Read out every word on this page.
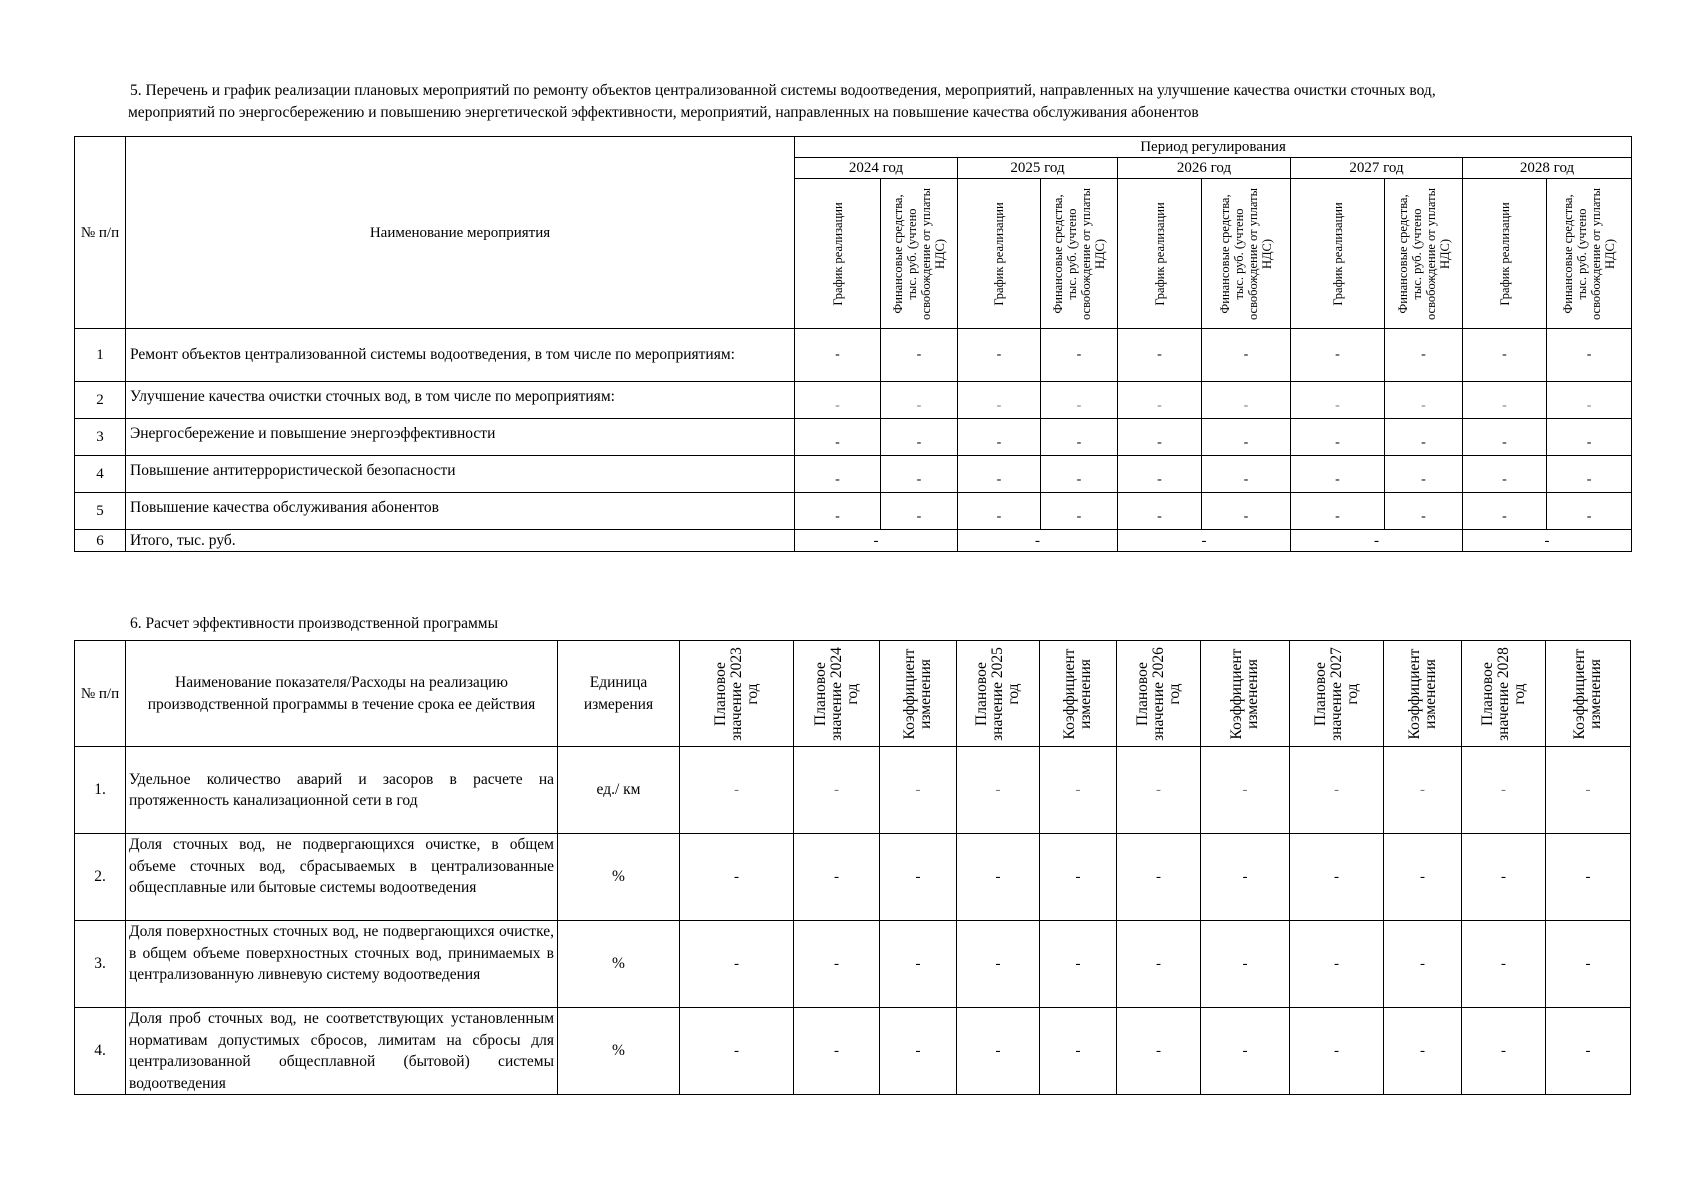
5. Перечень и график реализации плановых мероприятий по ремонту объектов централизованной системы водоотведения, мероприятий, направленных на улучшение качества очистки сточных вод,
мероприятий по энергосбережению и повышению энергетической эффективности, мероприятий, направленных на повышение качества обслуживания абонентов
№ п/п	Наименование мероприятия	Период регулирования									
		2024 год		2025 год		2026 год		2027 год		2028 год	

		График реализации	Финансовые средства, тыс. руб. (учтено освобождение от уплаты НДС)	График реализации	Финансовые средства, тыс. руб. (учтено освобождение от уплаты НДС)	График реализации	Финансовые средства, тыс. руб. (учтено освобождение от уплаты НДС)	График реализации	Финансовые средства, тыс. руб. (учтено освобождение от уплаты НДС)	График реализации	Финансовые средства, тыс. руб. (учтено освобождение от уплаты НДС)

1	Ремонт объектов централизованной системы водоотведения, в том числе по мероприятиям:	-	-	-	-	-	-	-	-	-	-
2	Улучшение качества очистки сточных вод, в том числе по мероприятиям:	-	-	-	-	-	-	-	-	-	-
3	Энергосбережение и повышение энергоэффективности	-	-	-	-	-	-	-	-	-	-
4	Повышение антитеррористической безопасности	-	-	-	-	-	-	-	-	-	-
5	Повышение качества обслуживания абонентов	-	-	-	-	-	-	-	-	-	-
6	Итого, тыс. руб.	-		-		-		-		-	
6. Расчет эффективности производственной программы
№ п/п	Наименование показателя/Расходы на реализацию производственной программы в течение срока ее действия	Единица измерения	Плановое значение 2023 год	Плановое значение 2024 год	Коэффициент изменения	Плановое значение 2025 год	Коэффициент изменения	Плановое значение 2026 год	Коэффициент изменения	Плановое значение 2027 год	Коэффициент изменения	Плановое значение 2028 год	Коэффициент изменения

1.	Удельное количество аварий и засоров в расчете на протяженность канализационной сети в год	ед./ км	-	-	-	-	-	-	-	-	-	-	-
2.	Доля сточных вод, не подвергающихся очистке, в общем объеме сточных вод, сбрасываемых в централизованные общесплавные или бытовые системы водоотведения	%	-	-	-	-	-	-	-	-	-	-	-
3.	Доля поверхностных сточных вод, не подвергающихся очистке, в общем объеме поверхностных сточных вод, принимаемых в централизованную ливневую систему водоотведения	%	-	-	-	-	-	-	-	-	-	-	-
4.	Доля проб сточных вод, не соответствующих установленным нормативам допустимых сбросов, лимитам на сбросы для централизованной общесплавной (бытовой) системы водоотведения	%	-	-	-	-	-	-	-	-	-	-	-
